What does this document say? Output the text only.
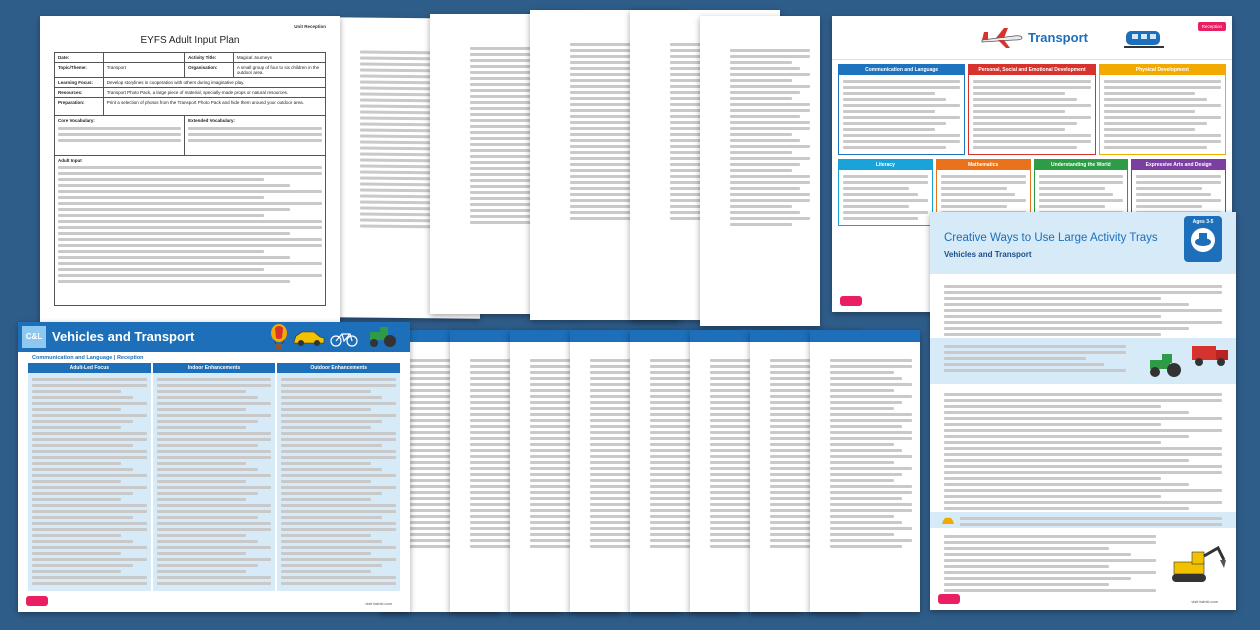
Unit Reception
EYFS Adult Input Plan
Date:		Activity Title:	Magical Journeys
Topic/Theme:	Transport	Organisation:	A small group of four to six children in the outdoor area.
Learning Focus:	Develop storylines in cooperation with others during imaginative play.		
Resources:	Transport Photo Pack, a large piece of material, specially-made props or natural resources.		
Preparation:	Print a selection of photos from the Transport Photo Pack and hide them around your outdoor area.		
Core Vocabulary:		Extended Vocabulary:	

Adult Input			
Transport
Reception
Communication and Language	Personal, Social and Emotional Development	Physical Development
Literacy	Mathematics	Understanding the World	Expressive Arts and Design
C&L Vehicles and Transport
Communication and Language | Reception
Adult-Led Focus	Indoor Enhancements	Outdoor Enhancements
visit twinkl.com
Creative Ways to Use Large Activity Trays
Vehicles and Transport
Ages 3-5
visit twinkl.com
